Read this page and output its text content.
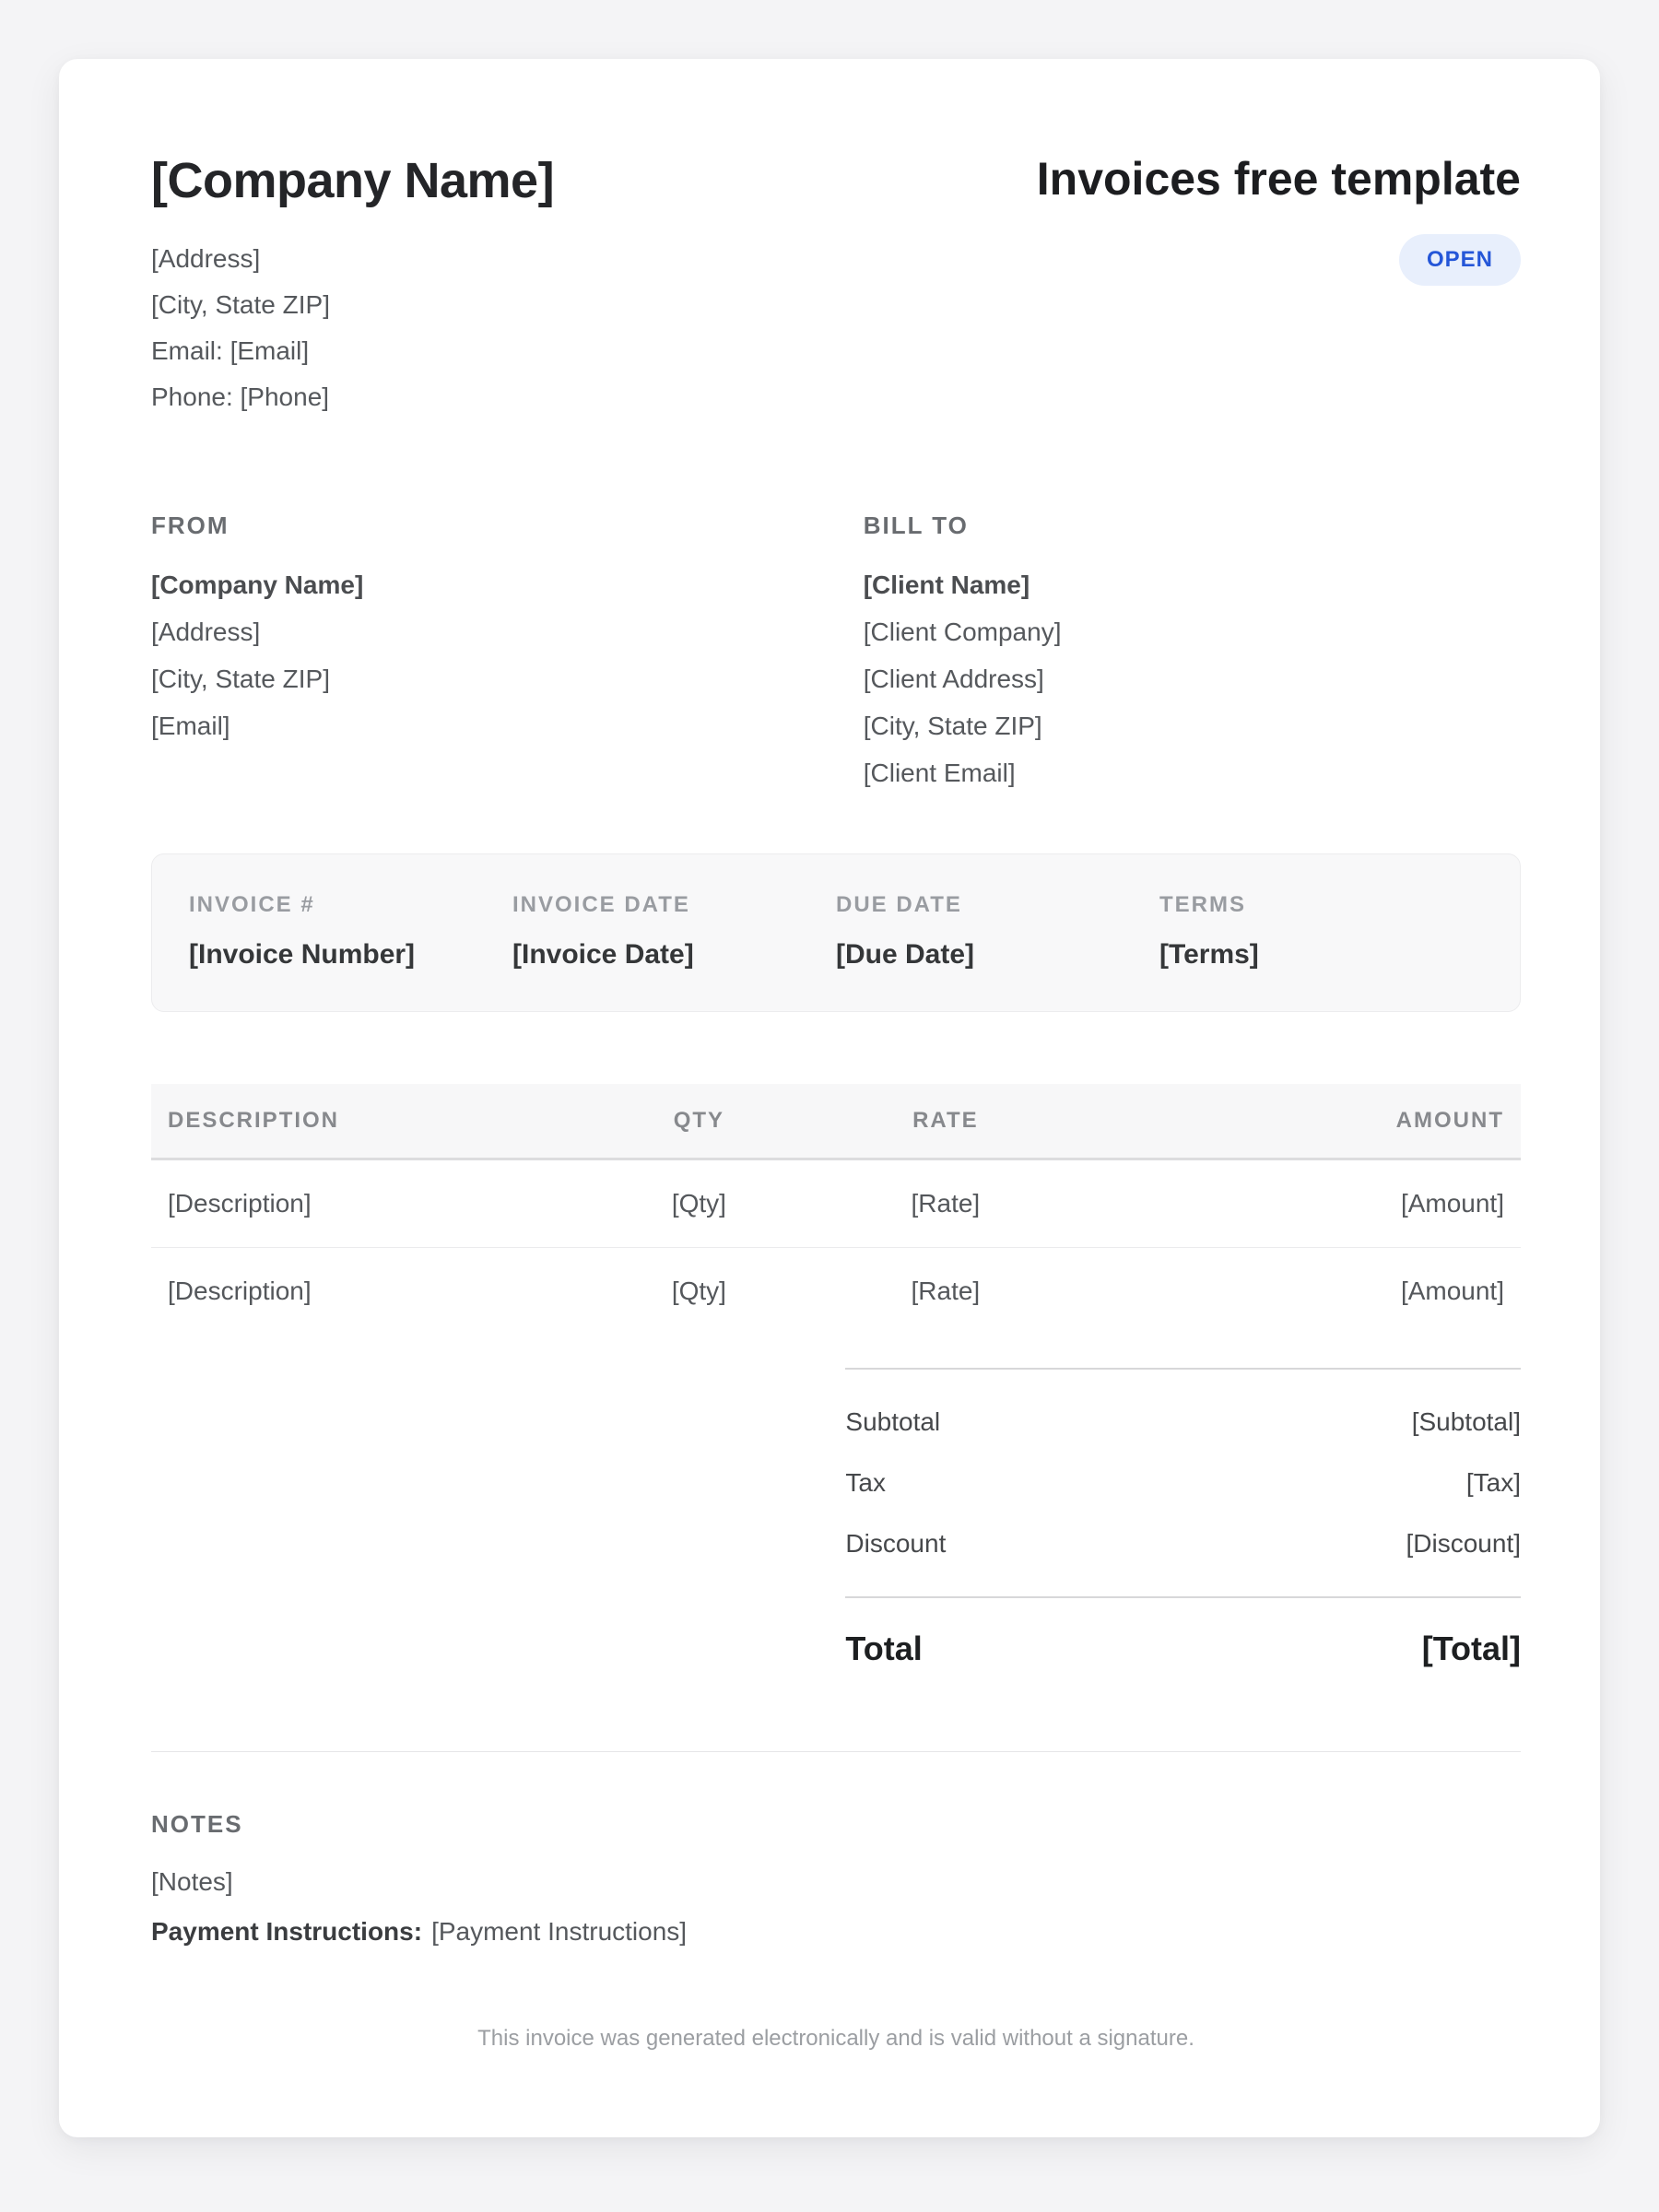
[Company Name]
[Address]
[City, State ZIP]
Email: [Email]
Phone: [Phone]
Invoices free template
OPEN
FROM
[Company Name]
[Address]
[City, State ZIP]
[Email]
BILL TO
[Client Name]
[Client Company]
[Client Address]
[City, State ZIP]
[Client Email]
INVOICE #
[Invoice Number]
INVOICE DATE
[Invoice Date]
DUE DATE
[Due Date]
TERMS
[Terms]
DESCRIPTION	QTY	RATE	AMOUNT
[Description]	[Qty]	[Rate]	[Amount]
[Description]	[Qty]	[Rate]	[Amount]
Subtotal	[Subtotal]
Tax	[Tax]
Discount	[Discount]
Total	[Total]
NOTES
[Notes]
Payment Instructions: [Payment Instructions]
This invoice was generated electronically and is valid without a signature.
